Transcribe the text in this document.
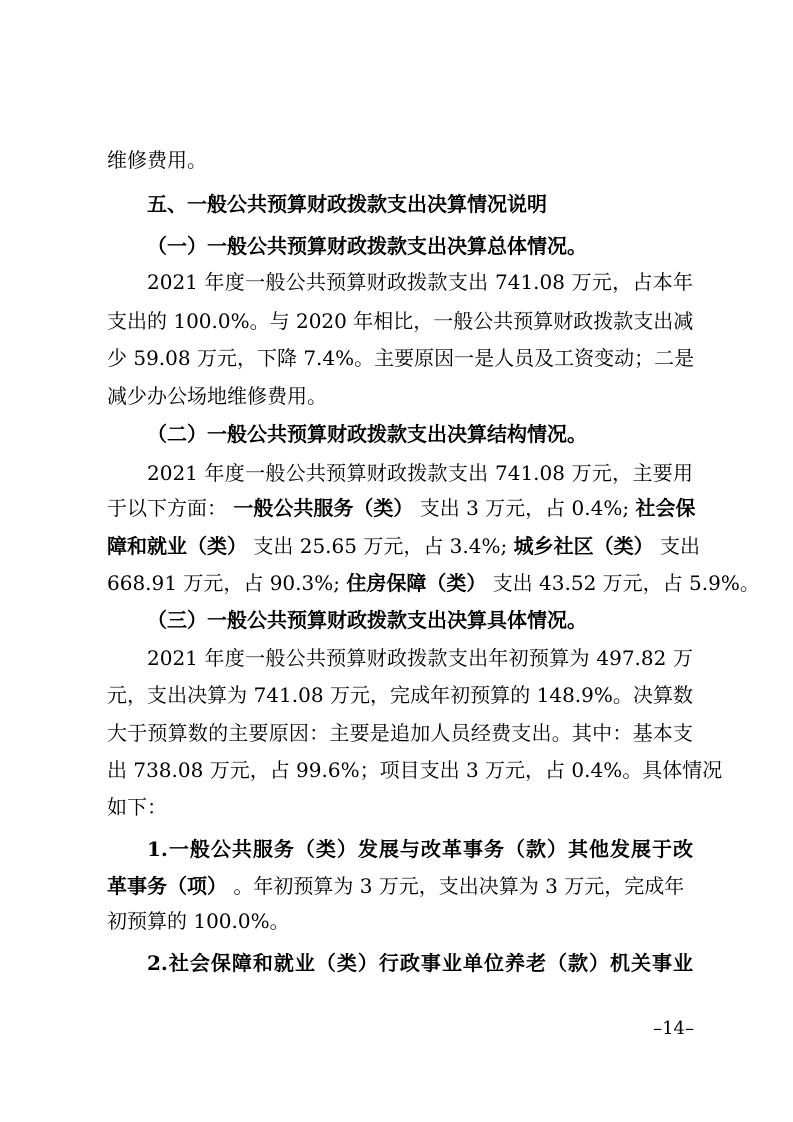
维修费用。
五、一般公共预算财政拨款支出决算情况说明
（一）一般公共预算财政拨款支出决算总体情况。
2021 年度一般公共预算财政拨款支出 741.08 万元，占本年
支出的 100.0%。与 2020 年相比，一般公共预算财政拨款支出减
少 59.08 万元，下降 7.4%。主要原因一是人员及工资变动；二是
减少办公场地维修费用。
（二）一般公共预算财政拨款支出决算结构情况。
2021 年度一般公共预算财政拨款支出 741.08 万元，主要用
于以下方面： 一般公共服务（类） 支出 3 万元，占 0.4%; 社会保
障和就业（类） 支出 25.65 万元，占 3.4%; 城乡社区（类） 支出
668.91 万元，占 90.3%; 住房保障（类） 支出 43.52 万元，占 5.9%。
（三）一般公共预算财政拨款支出决算具体情况。
2021 年度一般公共预算财政拨款支出年初预算为 497.82 万
元，支出决算为 741.08 万元，完成年初预算的 148.9%。决算数
大于预算数的主要原因：主要是追加人员经费支出。其中：基本支
出 738.08 万元，占 99.6%；项目支出 3 万元，占 0.4%。具体情况
如下：
1.一般公共服务（类）发展与改革事务（款）其他发展于改
革事务（项） 。年初预算为 3 万元，支出决算为 3 万元，完成年
初预算的 100.0%。
2.社会保障和就业（类）行政事业单位养老（款）机关事业
–14–
